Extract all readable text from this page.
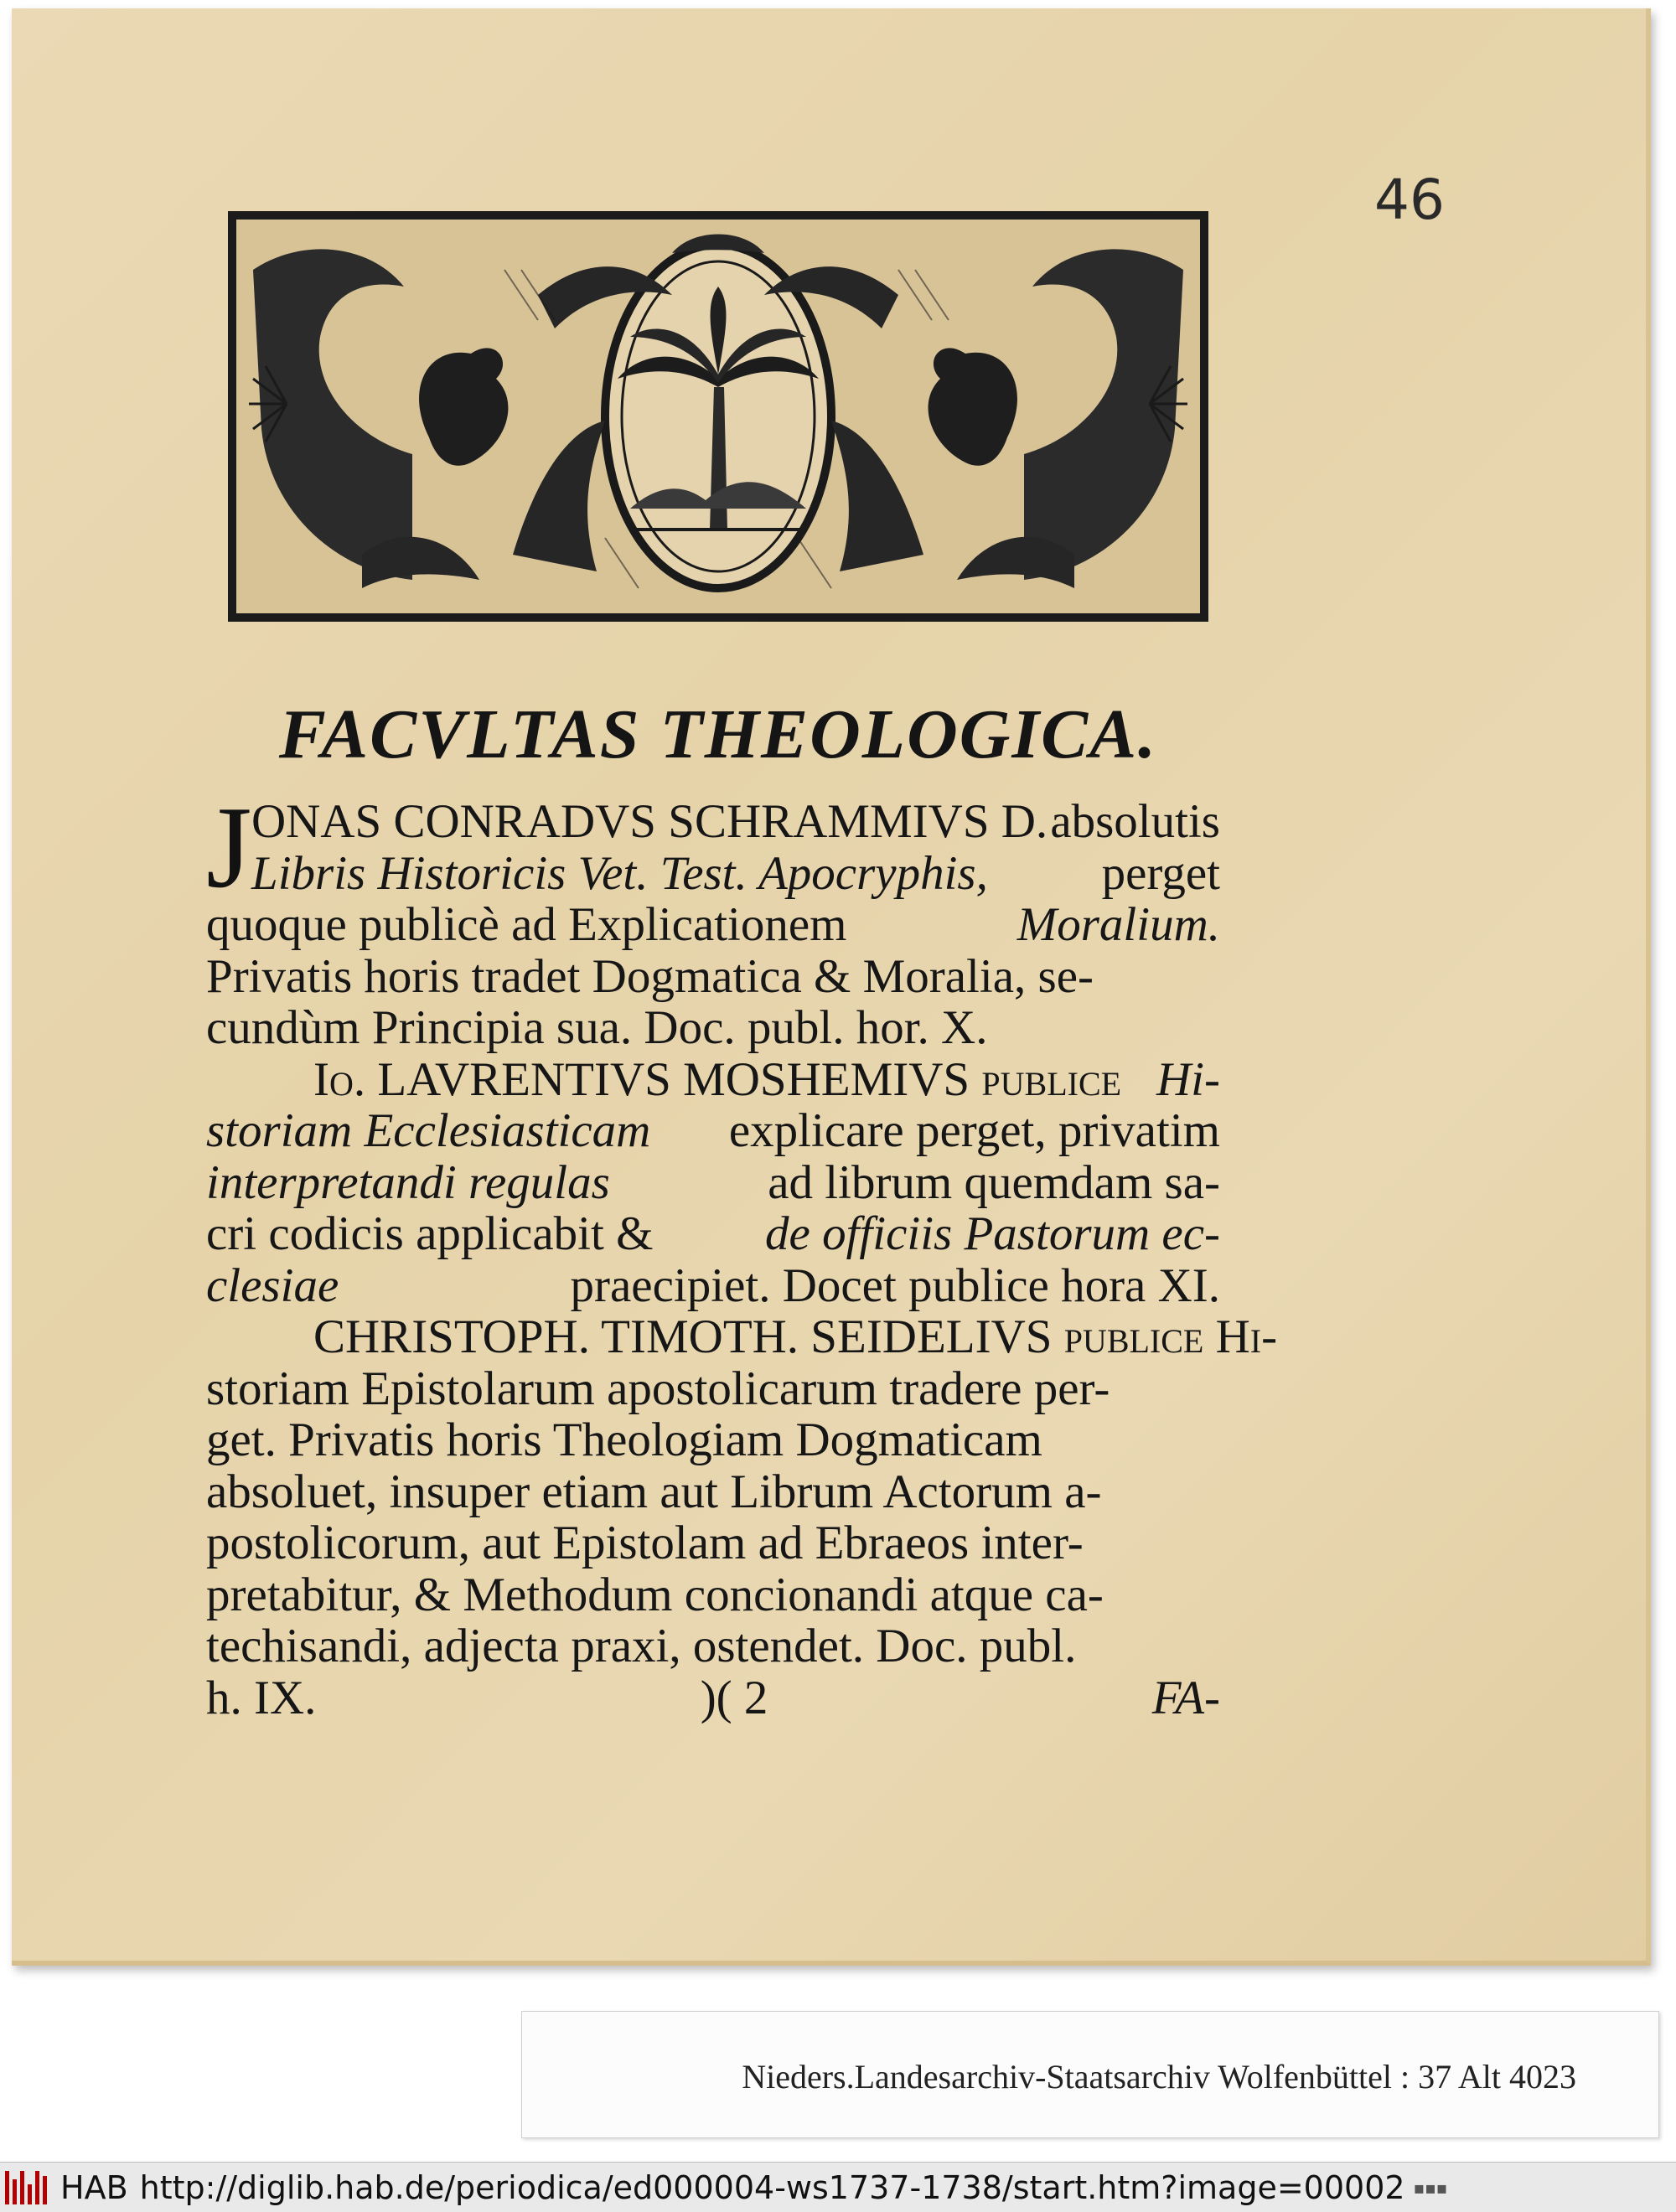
46
FACVLTAS THEOLOGICA.
J ONAS CONRADVS SCHRAMMIVS D. absolutis
Libris Historicis Vet. Test. Apocryphis, perget
quoque publicè ad Explicationem	Moralium.
Privatis horis tradet Dogmatica & Moralia, se-
cundùm Principia sua. Doc. publ. hor. X.
Io. LAVRENTIVS MOSHEMIVS publice Hi-
storiam Ecclesiasticam explicare perget, privatim
interpretandi regulas	ad librum quemdam sa-
cri codicis applicabit & de officiis Pastorum ec-
clesiae	praecipiet. Docet publice hora XI.
CHRISTOPH. TIMOTH. SEIDELIVS publice Hi-
storiam Epistolarum apostolicarum tradere per-
get. Privatis horis Theologiam Dogmaticam
absoluet, insuper etiam aut Librum Actorum a-
postolicorum, aut Epistolam ad Ebraeos inter-
pretabitur, & Methodum concionandi atque ca-
techisandi, adjecta praxi, ostendet. Doc. publ.
h. IX.	)( 2	FA-
Nieders.Landesarchiv-Staatsarchiv Wolfenbüttel : 37 Alt 4023
HAB http://diglib.hab.de/periodica/ed000004-ws1737-1738/start.htm?image=00002 ▪▪▪
